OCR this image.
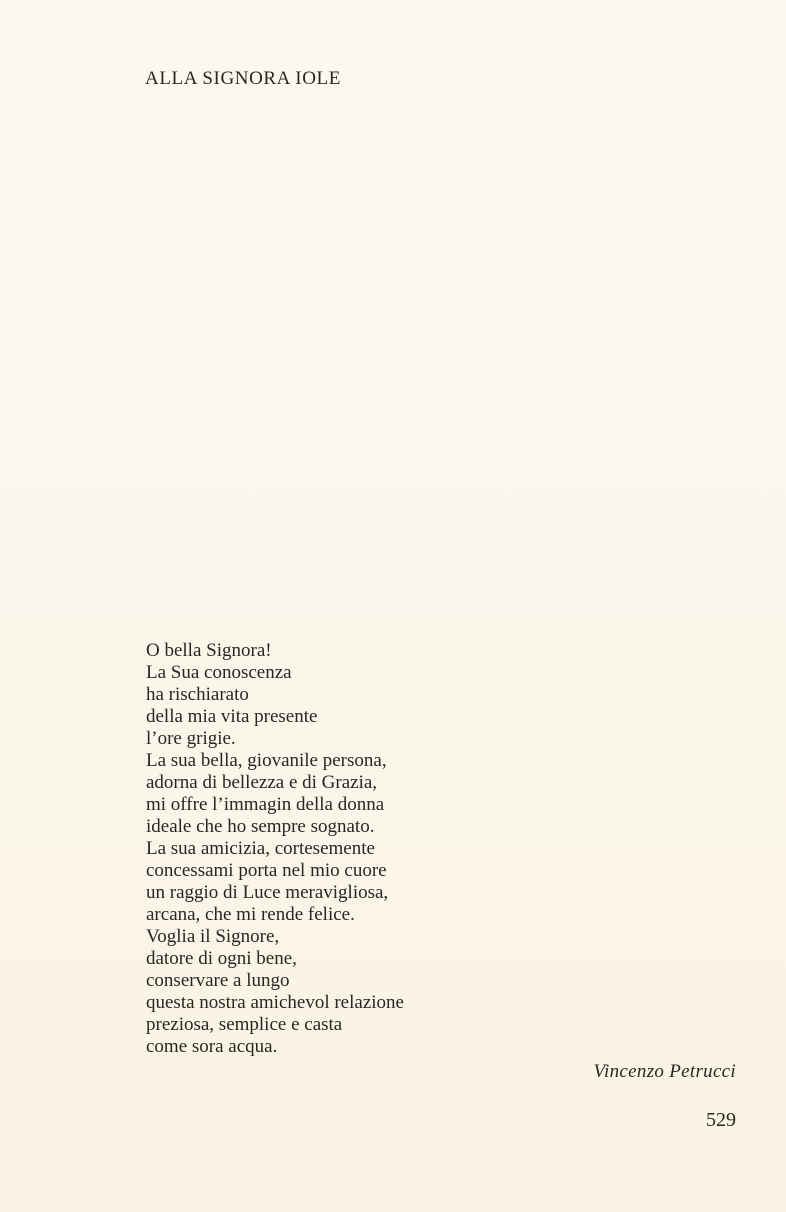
ALLA SIGNORA IOLE
O bella Signora!
La Sua conoscenza
ha rischiarato
della mia vita presente
l’ore grigie.
La sua bella, giovanile persona,
adorna di bellezza e di Grazia,
mi offre l’immagin della donna
ideale che ho sempre sognato.
La sua amicizia, cortesemente
concessami porta nel mio cuore
un raggio di Luce meravigliosa,
arcana, che mi rende felice.
Voglia il Signore,
datore di ogni bene,
conservare a lungo
questa nostra amichevol relazione
preziosa, semplice e casta
come sora acqua.
Vincenzo Petrucci
529
